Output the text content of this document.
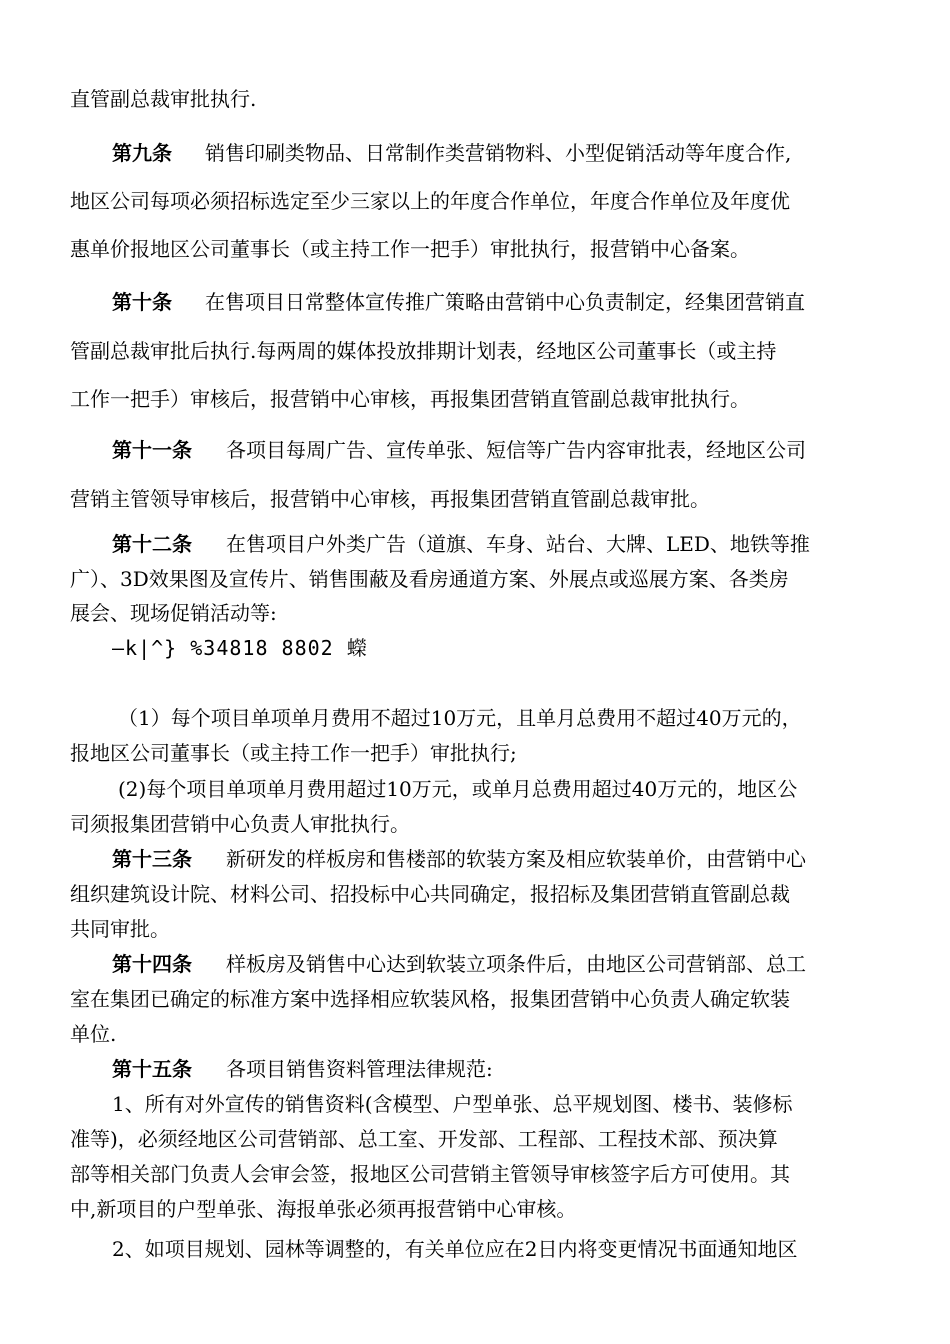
直管副总裁审批执行.
第九条 销售印刷类物品、日常制作类营销物料、小型促销活动等年度合作,
地区公司每项必须招标选定至少三家以上的年度合作单位，年度合作单位及年度优
惠单价报地区公司董事长（或主持工作一把手）审批执行，报营销中心备案。
第十条 在售项目日常整体宣传推广策略由营销中心负责制定，经集团营销直
管副总裁审批后执行.每两周的媒体投放排期计划表，经地区公司董事长（或主持
工作一把手）审核后，报营销中心审核，再报集团营销直管副总裁审批执行。
第十一条 各项目每周广告、宣传单张、短信等广告内容审批表，经地区公司
营销主管领导审核后，报营销中心审核，再报集团营销直管副总裁审批。
第十二条 在售项目户外类广告（道旗、车身、站台、大牌、LED、地铁等推
广）、3D效果图及宣传片、销售围蔽及看房通道方案、外展点或巡展方案、各类房
展会、现场促销活动等:
—k|^} %34818 8802 蠑
（1）每个项目单项单月费用不超过10万元，且单月总费用不超过40万元的，
报地区公司董事长（或主持工作一把手）审批执行;
(2)每个项目单项单月费用超过10万元，或单月总费用超过40万元的，地区公
司须报集团营销中心负责人审批执行。
第十三条 新研发的样板房和售楼部的软装方案及相应软装单价，由营销中心
组织建筑设计院、材料公司、招投标中心共同确定，报招标及集团营销直管副总裁
共同审批。
第十四条 样板房及销售中心达到软装立项条件后，由地区公司营销部、总工
室在集团已确定的标准方案中选择相应软装风格，报集团营销中心负责人确定软装
单位.
第十五条 各项目销售资料管理法律规范:
1、所有对外宣传的销售资料(含模型、户型单张、总平规划图、楼书、装修标
准等)，必须经地区公司营销部、总工室、开发部、工程部、工程技术部、预决算
部等相关部门负责人会审会签，报地区公司营销主管领导审核签字后方可使用。其
中,新项目的户型单张、海报单张必须再报营销中心审核。
2、如项目规划、园林等调整的，有关单位应在2日内将变更情况书面通知地区
